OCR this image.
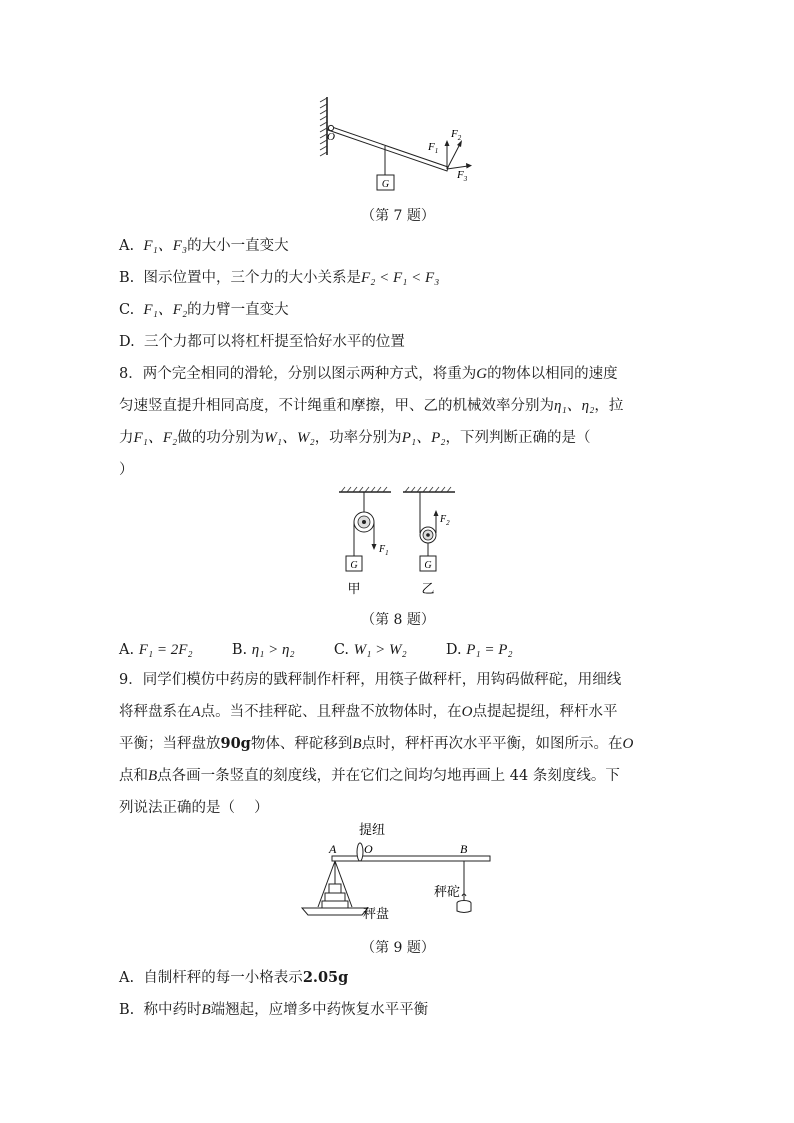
G
O
$F_1$
$F_2$
$F_3$
（第 7 题）
A. F₁、F₃的大小一直变大
B. 图示位置中，三个力的大小关系是F₂ < F₁ < F₃
C. F₁、F₂的力臂一直变大
D. 三个力都可以将杠杆提至恰好水平的位置
8．两个完全相同的滑轮，分别以图示两种方式，将重为G的物体以相同的速度
匀速竖直提升相同高度，不计绳重和摩擦，甲、乙的机械效率分别为η₁、η₂，拉
力F₁、F₂做的功分别为W₁、W₂，功率分别为P₁、P₂，下列判断正确的是（
）
G
$F_1$
G
$F_2$
甲	乙
（第 8 题）
A. F₁ = 2F₂	B. η₁ > η₂	C. W₁ > W₂	D. P₁ = P₂
9．同学们模仿中药房的戥秤制作杆秤，用筷子做秤杆，用钩码做秤砣，用细线
将秤盘系在A点。当不挂秤砣、且秤盘不放物体时，在O点提起提纽，秤杆水平
平衡；当秤盘放90g物体、秤砣移到B点时，秤杆再次水平平衡，如图所示。在O
点和B点各画一条竖直的刻度线，并在它们之间均匀地再画上 44 条刻度线。下
列说法正确的是（　 ）
提纽
A O	B
秤盘
秤砣
（第 9 题）
A. 自制杆秤的每一小格表示2.05g
B. 称中药时B端翘起，应增多中药恢复水平平衡
